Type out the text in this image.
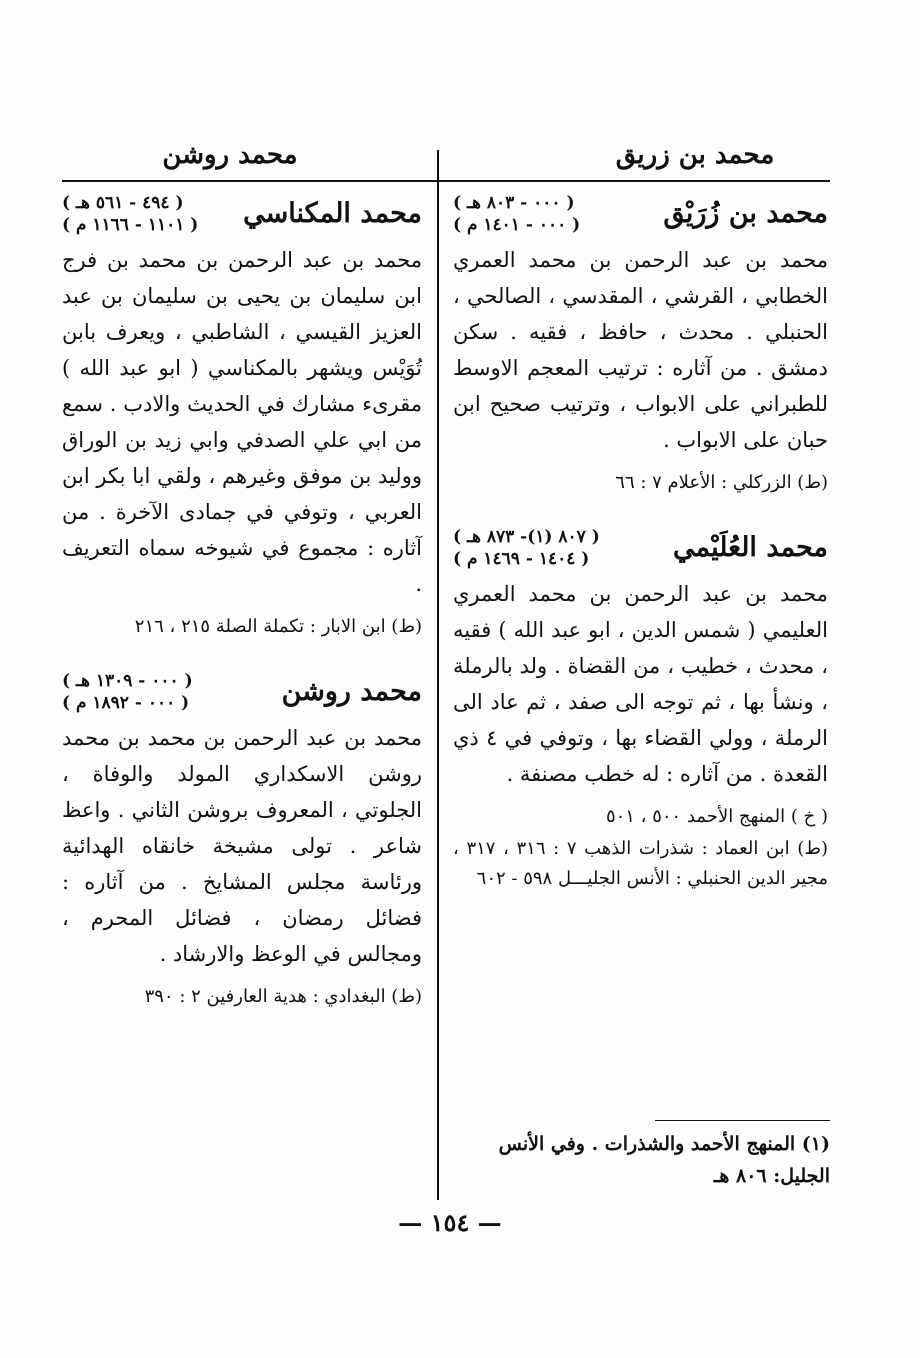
محمد بن زريق
محمد روشن
محمد بن زُرَيْق
( ٠٠٠ - ٨٠٣ هـ )
( ٠٠٠ - ١٤٠١ م )

محمد بن عبد الرحمن بن محمد العمري الخطابي ، القرشي ، المقدسي ، الصالحي ، الحنبلي . محدث ، حافظ ، فقيه . سكن دمشق . من آثاره : ترتيب المعجم الاوسط للطبراني على الابواب ، وترتيب صحيح ابن حبان على الابواب .

(ط) الزركلي : الأعلام ٧ : ٦٦
محمد العُلَيْمي
( ٨٠٧ (١)- ٨٧٣ هـ )
( ١٤٠٤ - ١٤٦٩ م )

محمد بن عبد الرحمن بن محمد العمري العليمي ( شمس الدين ، ابو عبد الله ) فقيه ، محدث ، خطيب ، من القضاة . ولد بالرملة ، ونشأ بها ، ثم توجه الى صفد ، ثم عاد الى الرملة ، وولي القضاء بها ، وتوفي في ٤ ذي القعدة . من آثاره : له خطب مصنفة .

( خ ) المنهج الأحمد ٥٠٠ ، ٥٠١
(ط) ابن العماد : شذرات الذهب ٧ : ٣١٦ ، ٣١٧ ، مجير الدين الحنبلي : الأنس الجليـــل ٥٩٨ - ٦٠٢
(١) المنهج الأحمد والشذرات . وفي الأنس الجليل: ٨٠٦ هـ
محمد المكناسي
( ٤٩٤ - ٥٦١ هـ )
( ١١٠١ - ١١٦٦ م )

محمد بن عبد الرحمن بن محمد بن فرج ابن سليمان بن يحيى بن سليمان بن عبد العزيز القيسي ، الشاطبي ، ويعرف بابن تُوَيْس ويشهر بالمكناسي ( ابو عبد الله ) مقرىء مشارك في الحديث والادب . سمع من ابي علي الصدفي وابي زيد بن الوراق ووليد بن موفق وغيرهم ، ولقي ابا بكر ابن العربي ، وتوفي في جمادى الآخرة . من آثاره : مجموع في شيوخه سماه التعريف .

(ط) ابن الابار : تكملة الصلة ٢١٥ ، ٢١٦
محمد روشن
( ٠٠٠ - ١٣٠٩ هـ )
( ٠٠٠ - ١٨٩٢ م )

محمد بن عبد الرحمن بن محمد بن محمد روشن الاسكداري المولد والوفاة ، الجلوتي ، المعروف بروشن الثاني . واعظ شاعر . تولى مشيخة خانقاه الهدائية ورئاسة مجلس المشايخ . من آثاره : فضائل رمضان ، فضائل المحرم ، ومجالس في الوعظ والارشاد .

(ط) البغدادي : هدية العارفين ٢ : ٣٩٠
— ١٥٤ —
